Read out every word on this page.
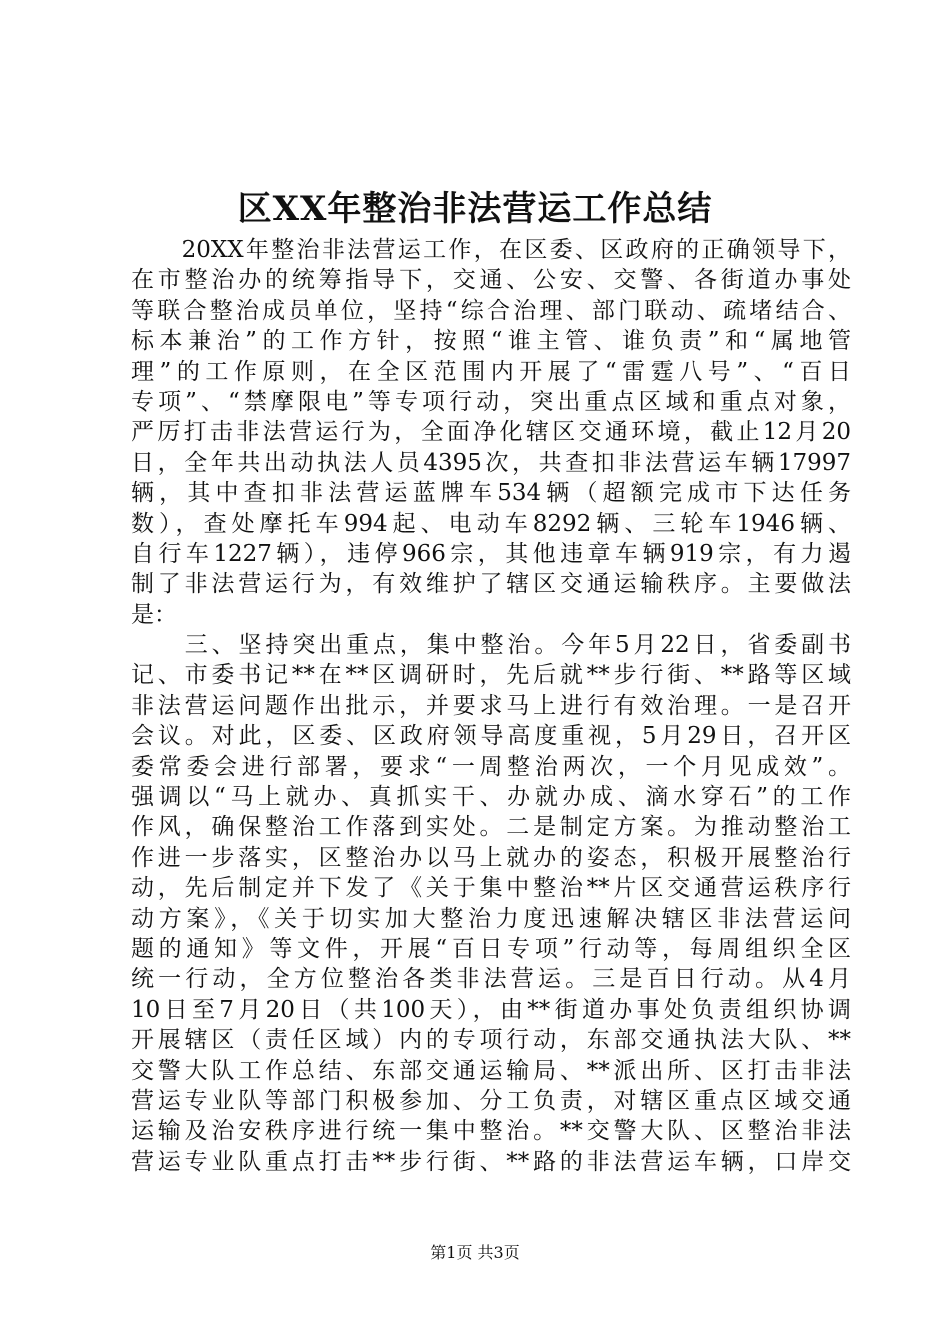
区XX年整治非法营运工作总结
　　20XX年整治非法营运工作，在区委、区政府的正确领导下，
在市整治办的统筹指导下，交通、公安、交警、各街道办事处
等联合整治成员单位，坚持“综合治理、部门联动、疏堵结合、
标本兼治”的工作方针，按照“谁主管、谁负责”和“属地管
理”的工作原则，在全区范围内开展了“雷霆八号”、“百日
专项”、“禁摩限电”等专项行动，突出重点区域和重点对象，
严厉打击非法营运行为，全面净化辖区交通环境，截止12月20
日，全年共出动执法人员4395次，共查扣非法营运车辆17997
辆，其中查扣非法营运蓝牌车534辆（超额完成市下达任务
数），查处摩托车994起、电动车8292辆、三轮车1946辆、
自行车1227辆），违停966宗，其他违章车辆919宗，有力遏
制了非法营运行为，有效维护了辖区交通运输秩序。主要做法
是：
　　三、坚持突出重点，集中整治。今年5月22日，省委副书
记、市委书记**在**区调研时，先后就**步行街、**路等区域
非法营运问题作出批示，并要求马上进行有效治理。一是召开
会议。对此，区委、区政府领导高度重视，5月29日，召开区
委常委会进行部署，要求“一周整治两次，一个月见成效”。
强调以“马上就办、真抓实干、办就办成、滴水穿石”的工作
作风，确保整治工作落到实处。二是制定方案。为推动整治工
作进一步落实，区整治办以马上就办的姿态，积极开展整治行
动，先后制定并下发了《关于集中整治**片区交通营运秩序行
动方案》，《关于切实加大整治力度迅速解决辖区非法营运问
题的通知》等文件，开展“百日专项”行动等，每周组织全区
统一行动，全方位整治各类非法营运。三是百日行动。从4月
10日至7月20日（共100天），由**街道办事处负责组织协调
开展辖区（责任区域）内的专项行动，东部交通执法大队、**
交警大队工作总结、东部交通运输局、**派出所、区打击非法
营运专业队等部门积极参加、分工负责，对辖区重点区域交通
运输及治安秩序进行统一集中整治。**交警大队、区整治非法
营运专业队重点打击**步行街、**路的非法营运车辆，口岸交
第1页 共3页
